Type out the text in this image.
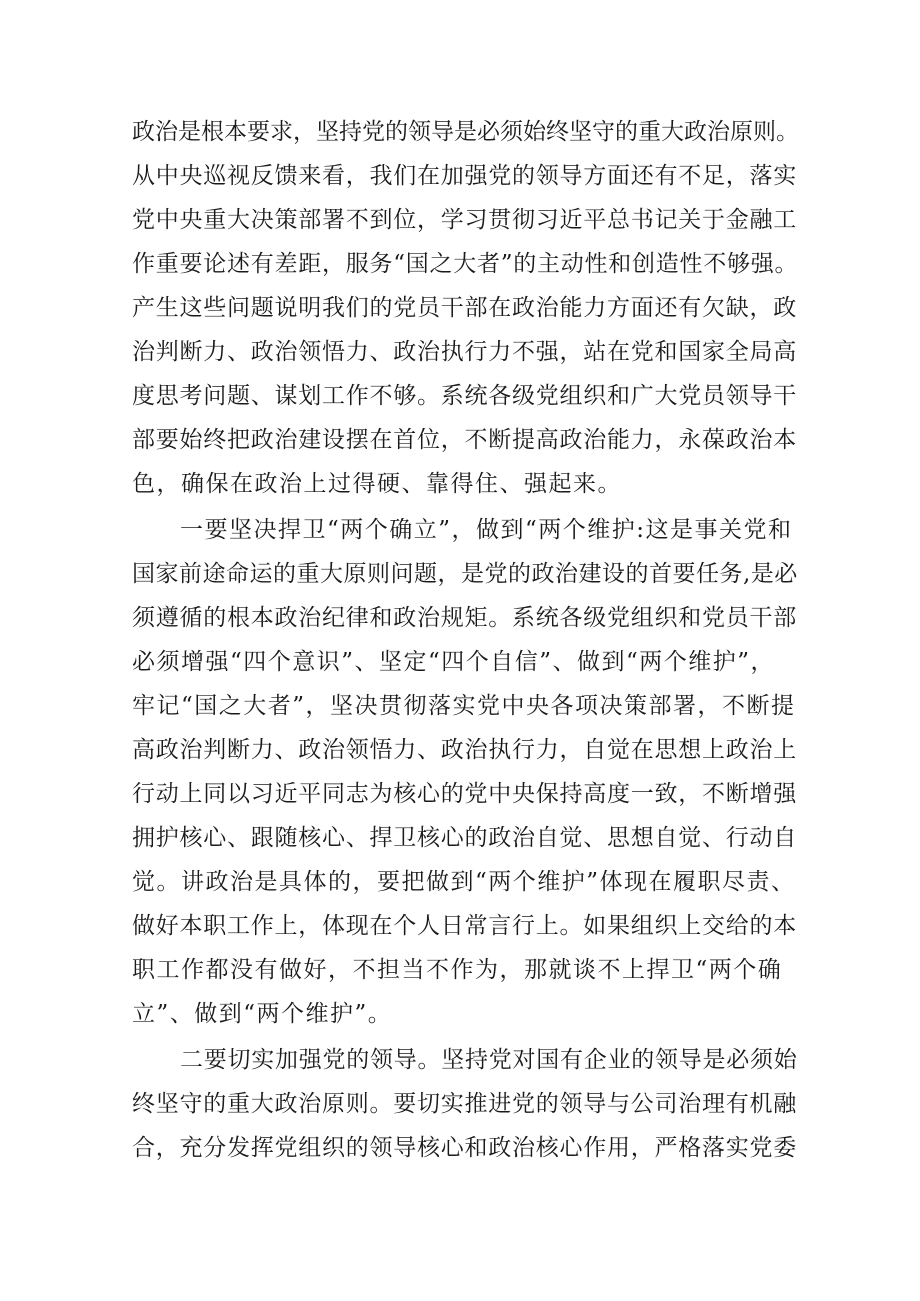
政治是根本要求，坚持党的领导是必须始终坚守的重大政治原则。
从中央巡视反馈来看，我们在加强党的领导方面还有不足，落实
党中央重大决策部署不到位，学习贯彻习近平总书记关于金融工
作重要论述有差距，服务“国之大者”的主动性和创造性不够强。
产生这些问题说明我们的党员干部在政治能力方面还有欠缺，政
治判断力、政治领悟力、政治执行力不强，站在党和国家全局高
度思考问题、谋划工作不够。系统各级党组织和广大党员领导干
部要始终把政治建设摆在首位，不断提高政治能力，永葆政治本
色，确保在政治上过得硬、靠得住、强起来。
一要坚决捍卫“两个确立”，做到“两个维护:这是事关党和
国家前途命运的重大原则问题，是党的政治建设的首要任务,是必
须遵循的根本政治纪律和政治规矩。系统各级党组织和党员干部
必须增强“四个意识”、坚定“四个自信”、做到“两个维护”，
牢记“国之大者”，坚决贯彻落实党中央各项决策部署，不断提
高政治判断力、政治领悟力、政治执行力，自觉在思想上政治上
行动上同以习近平同志为核心的党中央保持高度一致，不断增强
拥护核心、跟随核心、捍卫核心的政治自觉、思想自觉、行动自
觉。讲政治是具体的，要把做到“两个维护”体现在履职尽责、
做好本职工作上，体现在个人日常言行上。如果组织上交给的本
职工作都没有做好，不担当不作为，那就谈不上捍卫“两个确
立”、做到“两个维护”。
二要切实加强党的领导。坚持党对国有企业的领导是必须始
终坚守的重大政治原则。要切实推进党的领导与公司治理有机融
合，充分发挥党组织的领导核心和政治核心作用，严格落实党委
